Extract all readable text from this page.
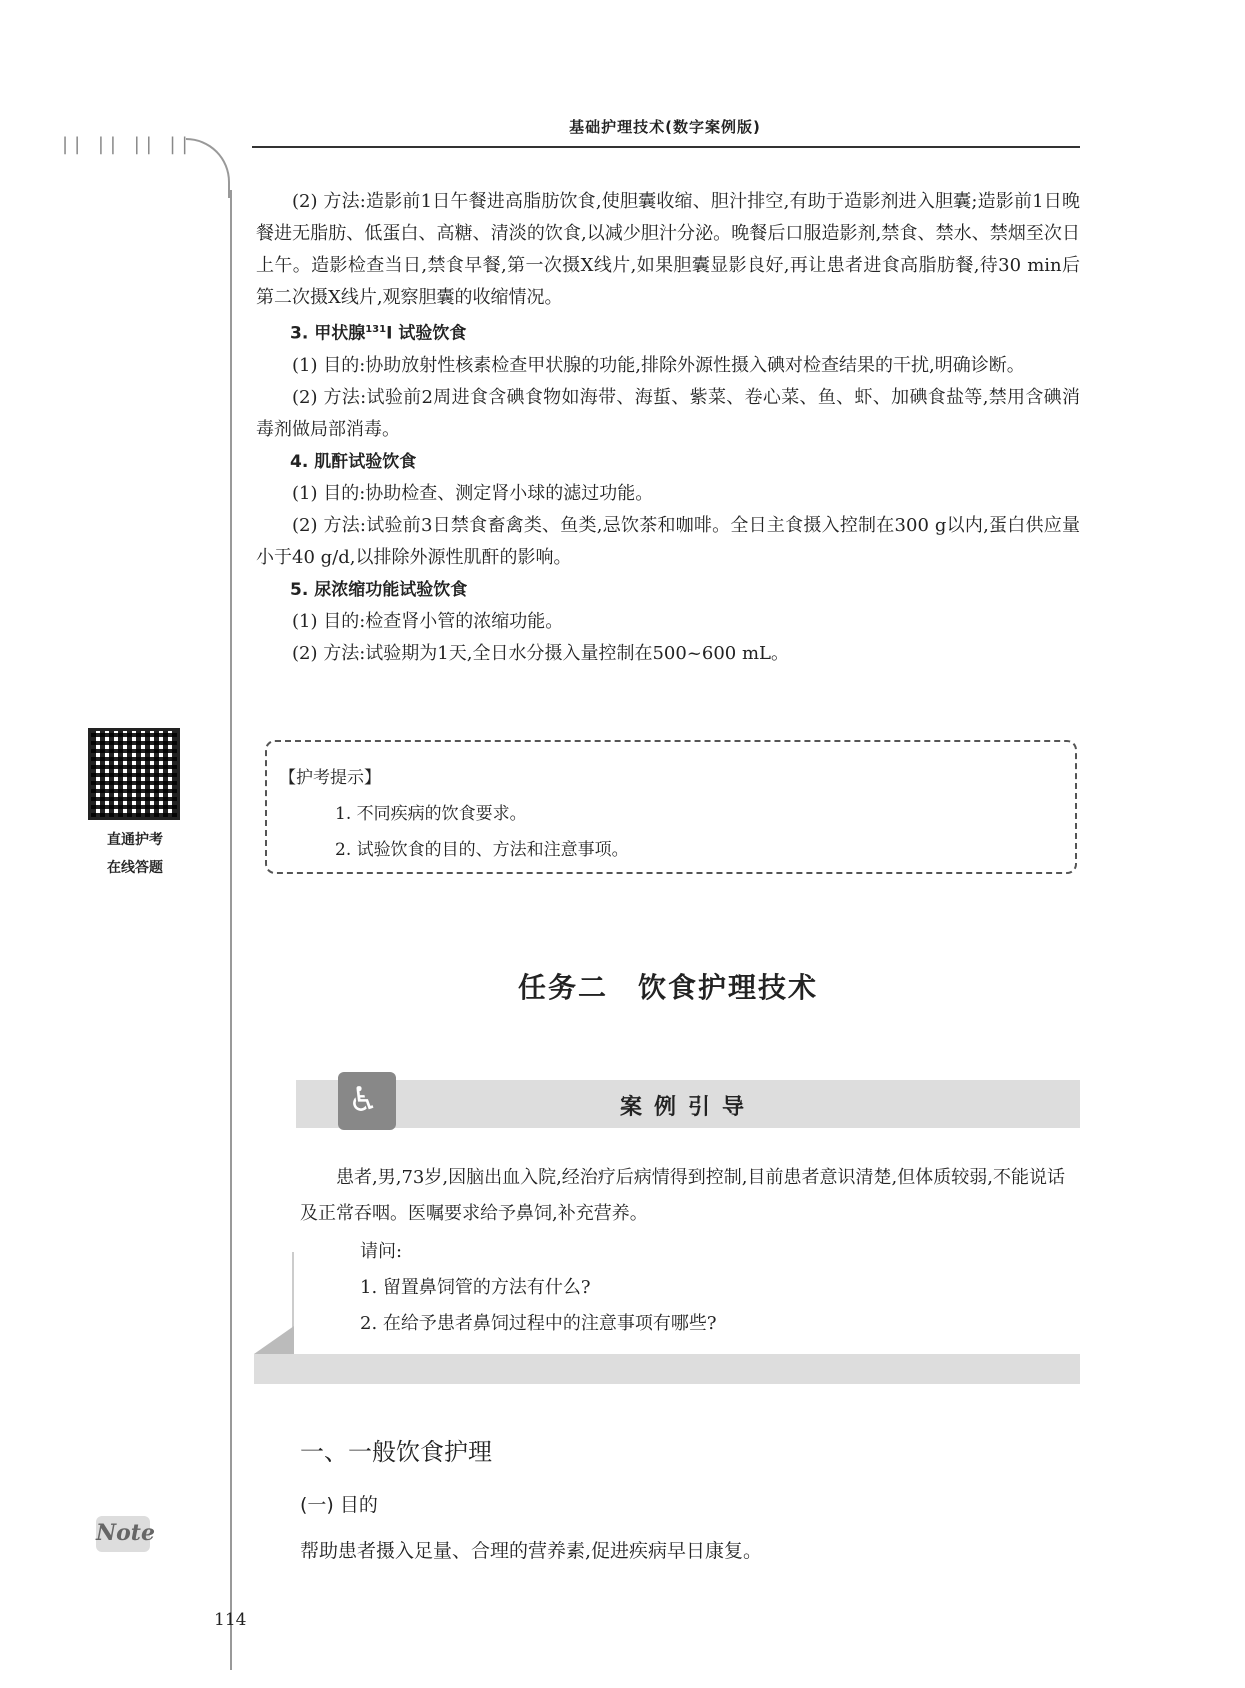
|| || || ||
基础护理技术(数字案例版)
(2) 方法:造影前1日午餐进高脂肪饮食,使胆囊收缩、胆汁排空,有助于造影剂进入胆囊;造影前1日晚餐进无脂肪、低蛋白、高糖、清淡的饮食,以减少胆汁分泌。晚餐后口服造影剂,禁食、禁水、禁烟至次日上午。造影检查当日,禁食早餐,第一次摄X线片,如果胆囊显影良好,再让患者进食高脂肪餐,待30 min后第二次摄X线片,观察胆囊的收缩情况。
3. 甲状腺$^{131}$I 试验饮食
(1) 目的:协助放射性核素检查甲状腺的功能,排除外源性摄入碘对检查结果的干扰,明确诊断。
(2) 方法:试验前2周进食含碘食物如海带、海蜇、紫菜、卷心菜、鱼、虾、加碘食盐等,禁用含碘消毒剂做局部消毒。
4. 肌酐试验饮食
(1) 目的:协助检查、测定肾小球的滤过功能。
(2) 方法:试验前3日禁食畜禽类、鱼类,忌饮茶和咖啡。全日主食摄入控制在300 g以内,蛋白供应量小于40 g/d,以排除外源性肌酐的影响。
5. 尿浓缩功能试验饮食
(1) 目的:检查肾小管的浓缩功能。
(2) 方法:试验期为1天,全日水分摄入量控制在500~600 mL。
直通护考
在线答题
【护考提示】
1. 不同疾病的饮食要求。
2. 试验饮食的目的、方法和注意事项。
任务二　饮食护理技术
♿	案例引导
患者,男,73岁,因脑出血入院,经治疗后病情得到控制,目前患者意识清楚,但体质较弱,不能说话及正常吞咽。医嘱要求给予鼻饲,补充营养。
请问:
1. 留置鼻饲管的方法有什么?
2. 在给予患者鼻饲过程中的注意事项有哪些?
一、一般饮食护理
(一) 目的
帮助患者摄入足量、合理的营养素,促进疾病早日康复。
Note
114
